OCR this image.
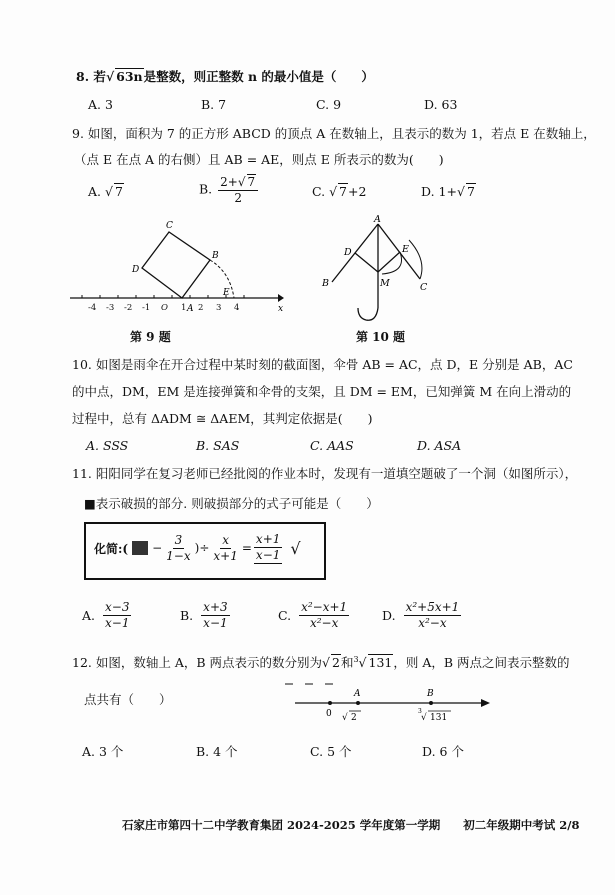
8. 若√ 63n是整数，则正整数 n 的最小值是（　　）
A. 3	B. 7	C. 9	D. 63
9. 如图，面积为 7 的正方形 ABCD 的顶点 A 在数轴上，且表示的数为 1，若点 E 在数轴上，
（点 E 在点 A 的右侧）且 AB = AE，则点 E 所表示的数为(　　)
A. √ 7	B. $\frac{2+√ 7}{2}$	C. √ 7+2	D. 1+√ 7
-4 -3 -2 -1 O 1 2 3 4	x
A
B
C
D
E
第 9 题
A
B	C
D	E
M
第 10 题
10. 如图是雨伞在开合过程中某时刻的截面图，伞骨 AB = AC，点 D，E 分别是 AB，AC
的中点，DM，EM 是连接弹簧和伞骨的支架，且 DM = EM，已知弹簧 M 在向上滑动的
过程中，总有 ΔADM ≅ ΔAEM，其判定依据是(　　)
A. SSS	B. SAS	C. AAS	D. ASA
11. 阳阳同学在复习老师已经批阅的作业本时，发现有一道填空题破了一个洞（如图所示），
■表示破损的部分. 则破损部分的式子可能是（　　）
化简:( − $\frac{3}{1-x}$ )÷ $\frac{x}{x+1} = \frac{x+1}{x-1}$ √
A. $\frac{x-3}{x-1}$	B. $\frac{x+3}{x-1}$	C. $\frac{\text{x²−x+1}}{\text{x²−x}}$	D. $\frac{\text{x²+5x+1}}{\text{x²−x}}$
12. 如图，数轴上 A，B 两点表示的数分别为√ 2和$^3$√ 131，则 A，B 两点之间表示整数的
点共有（　　）
0
A	B
√ 2
3
√ 131
A. 3 个	B. 4 个	C. 5 个	D. 6 个
石家庄市第四十二中学教育集团 2024-2025 学年度第一学期　　初二年级期中考试 2/8
